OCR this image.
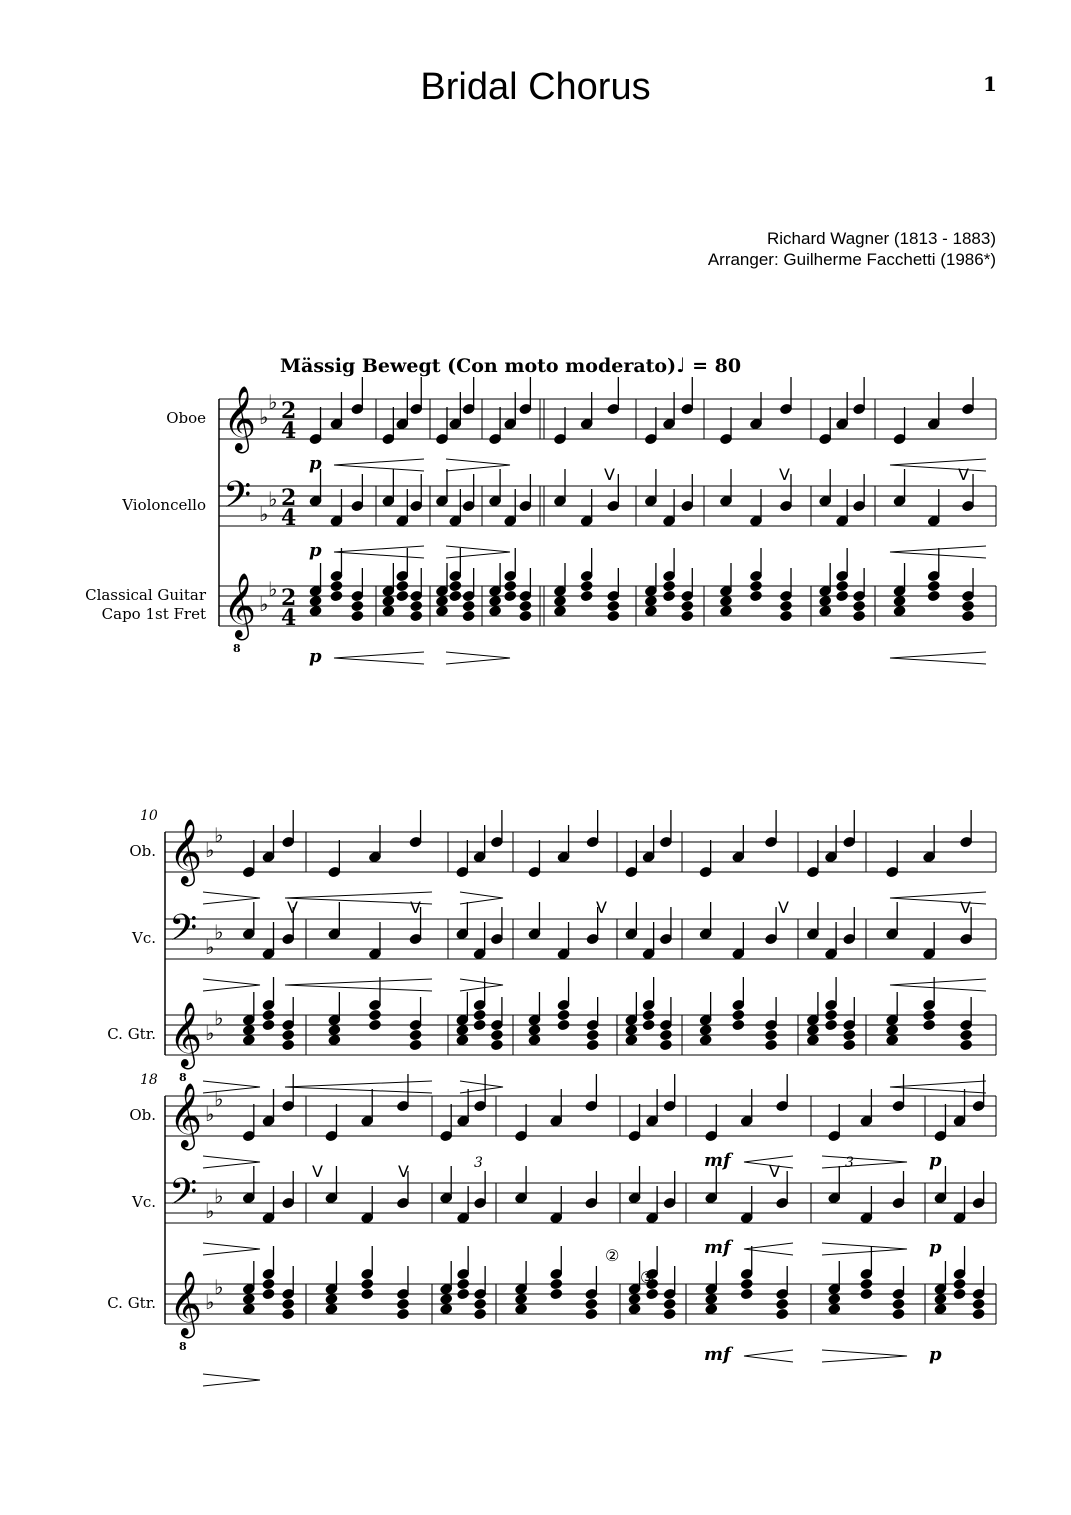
Bridal Chorus	1
Richard Wagner (1813 - 1883)
Arranger: Guilherme Facchetti (1986*)
Mässig Bewegt (Con moto moderato)♩ = 80
𝄞 ♭
♭ 2
4
Oboe
p
𝄢 ♭
♭ 2
4
Violoncello
p
𝄞
8
♭
♭ 2
4
Classical Guitar
Capo 1st Fret
p
V	V	V
𝄞 ♭
♭
Ob.
𝄢 ♭
♭
Vc.
𝄞
8
♭
♭
C. Gtr.
10
V	V	V	V	V
𝄞 ♭
♭
Ob.
mf	p
𝄢 ♭
♭
Vc.
mf	p
𝄞
8
♭
♭
C. Gtr.
mf	p
18
V	V	V
3	3
②
③
